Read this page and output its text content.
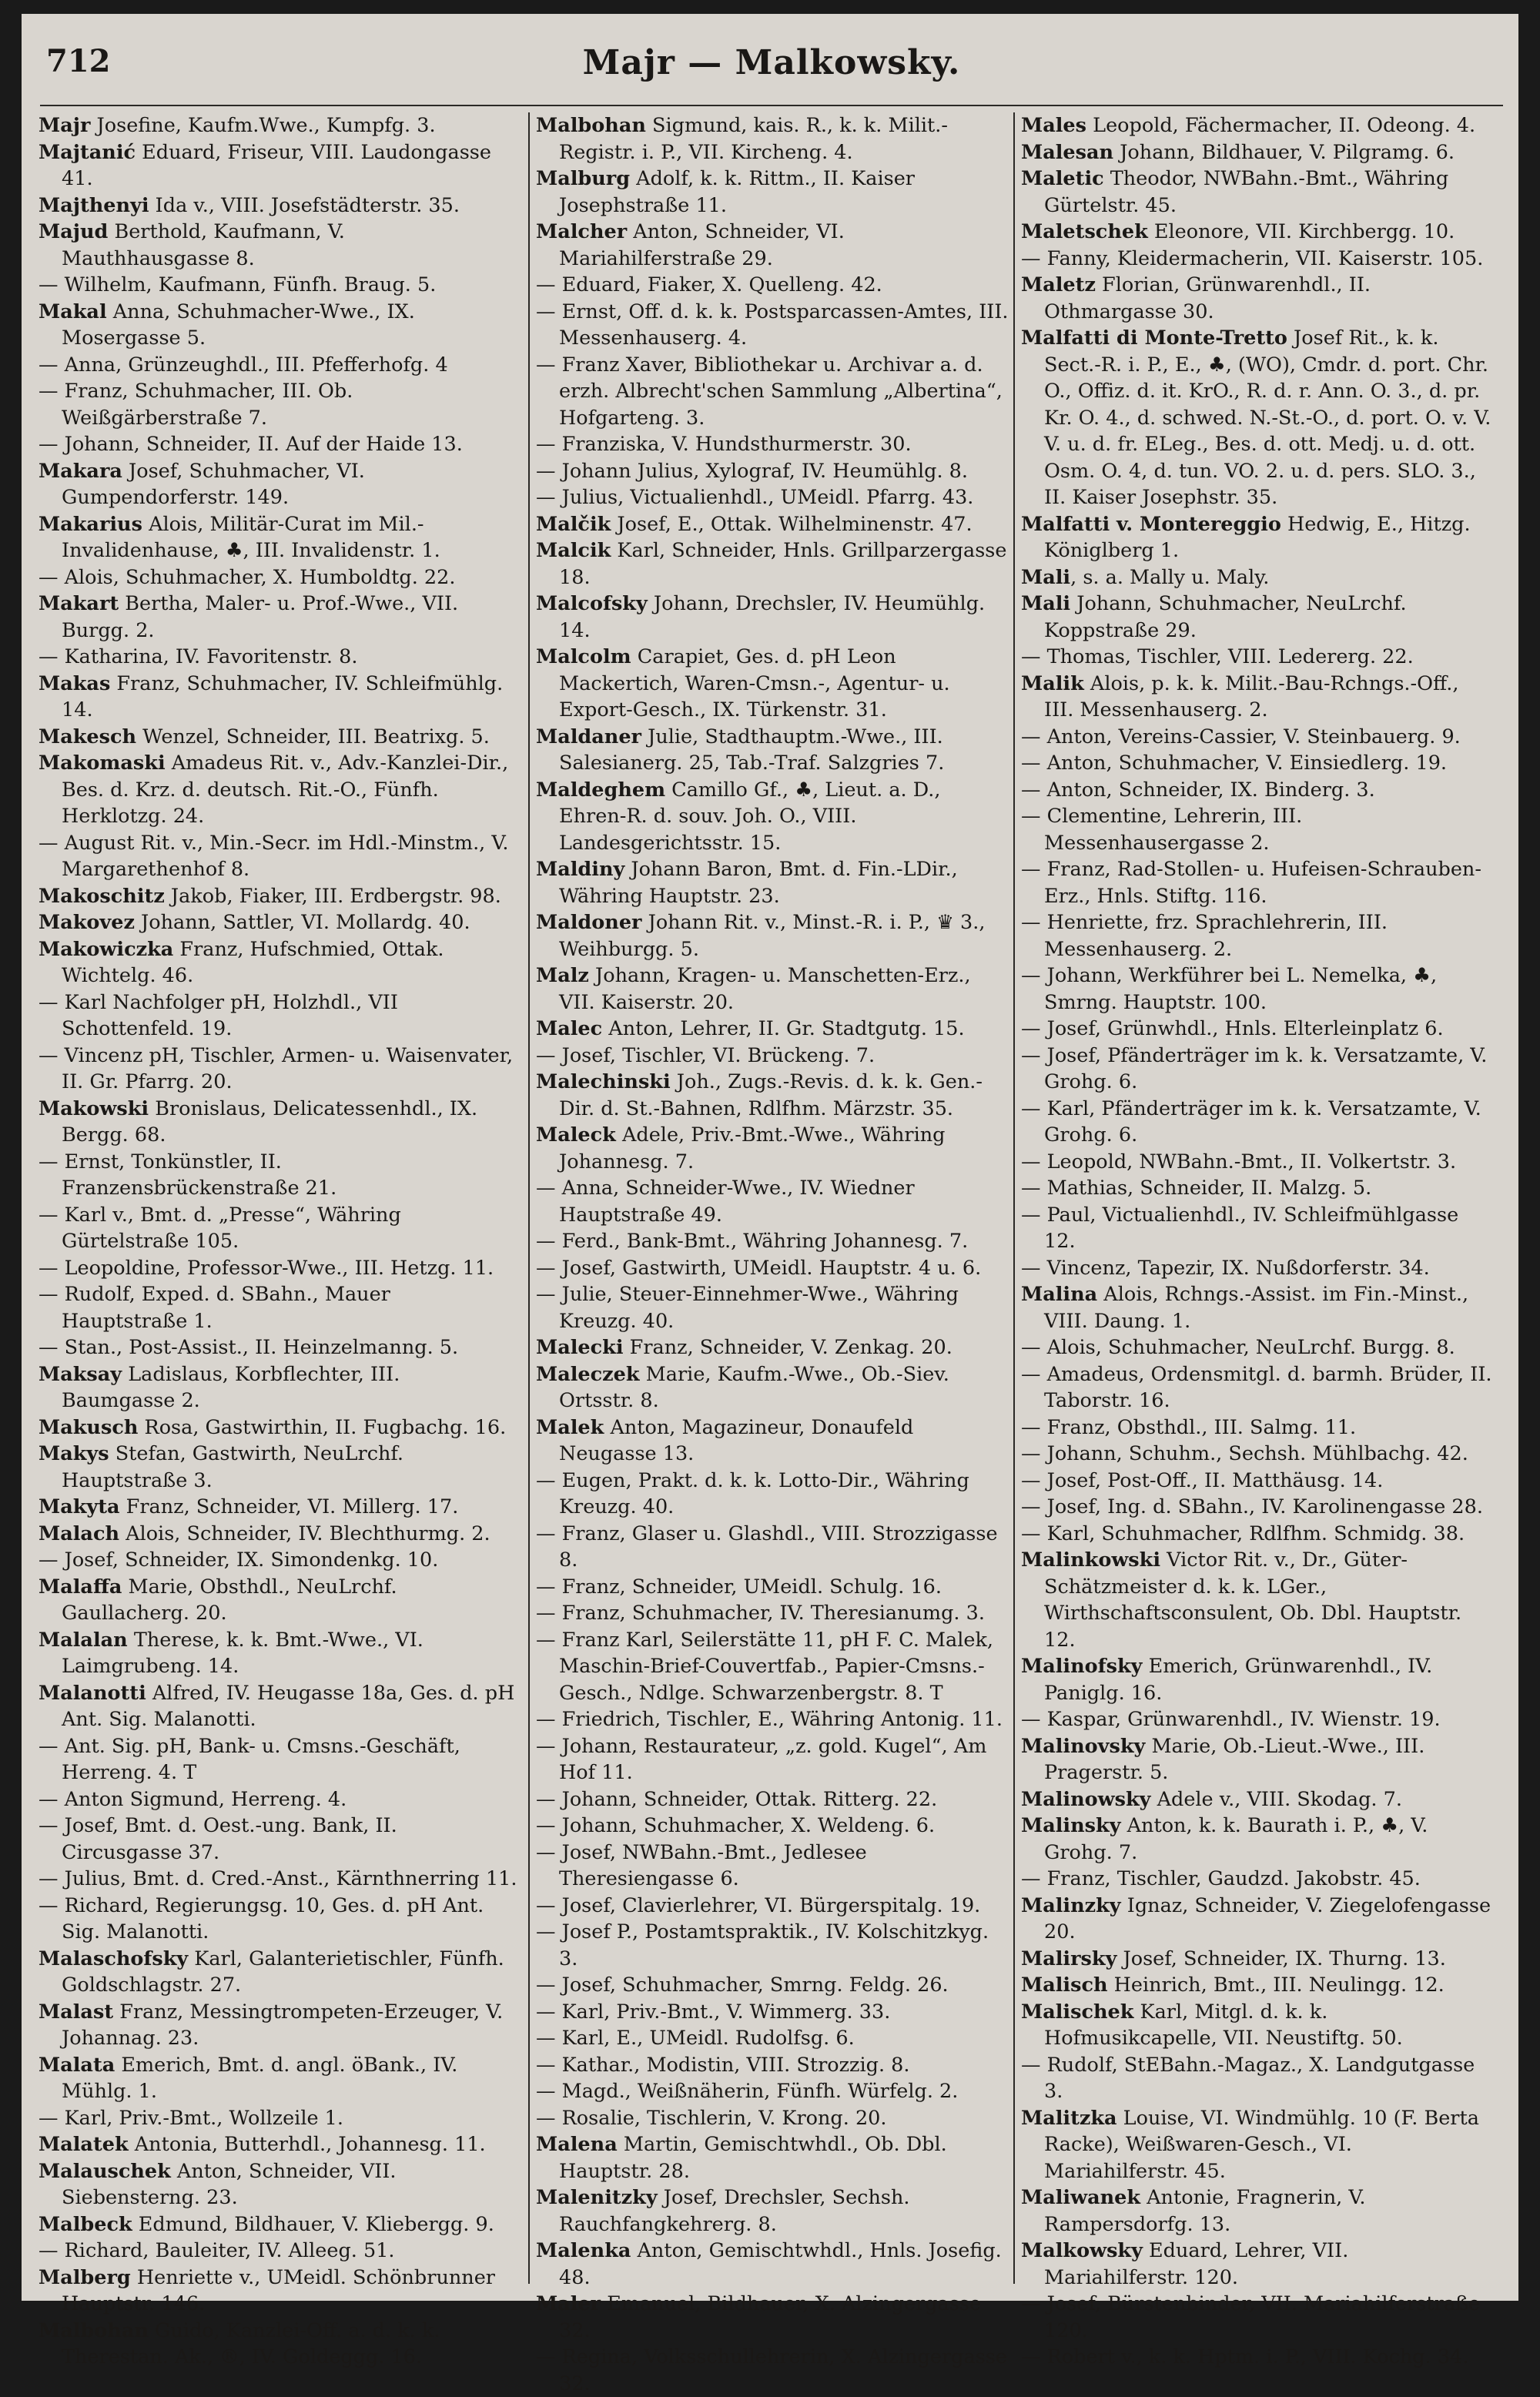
712	Majr — Malkowsky.
Majr Josefine, Kaufm.Wwe., Kumpfg. 3.
Majtanić Eduard, Friseur, VIII. Laudongasse 41.
Majthenyi Ida v., VIII. Josefstädterstr. 35.
Majud Berthold, Kaufmann, V. Mauthhausgasse 8.
— Wilhelm, Kaufmann, Fünfh. Braug. 5.
Makal Anna, Schuhmacher-Wwe., IX. Mosergasse 5.
— Anna, Grünzeughdl., III. Pfefferhofg. 4
— Franz, Schuhmacher, III. Ob. Weißgärberstraße 7.
— Johann, Schneider, II. Auf der Haide 13.
Makara Josef, Schuhmacher, VI. Gumpendorferstr. 149.
Makarius Alois, Militär-Curat im Mil.-Invalidenhause, ♣, III. Invalidenstr. 1.
— Alois, Schuhmacher, X. Humboldtg. 22.
Makart Bertha, Maler- u. Prof.-Wwe., VII. Burgg. 2.
— Katharina, IV. Favoritenstr. 8.
Makas Franz, Schuhmacher, IV. Schleifmühlg. 14.
Makesch Wenzel, Schneider, III. Beatrixg. 5.
Makomaski Amadeus Rit. v., Adv.-Kanzlei-Dir., Bes. d. Krz. d. deutsch. Rit.-O., Fünfh. Herklotzg. 24.
— August Rit. v., Min.-Secr. im Hdl.-Minstm., V. Margarethenhof 8.
Makoschitz Jakob, Fiaker, III. Erdbergstr. 98.
Makovez Johann, Sattler, VI. Mollardg. 40.
Makowiczka Franz, Hufschmied, Ottak. Wichtelg. 46.
— Karl Nachfolger pH, Holzhdl., VII Schottenfeld. 19.
— Vincenz pH, Tischler, Armen- u. Waisenvater, II. Gr. Pfarrg. 20.
Makowski Bronislaus, Delicatessenhdl., IX. Bergg. 68.
— Ernst, Tonkünstler, II. Franzensbrückenstraße 21.
— Karl v., Bmt. d. „Presse“, Währing Gürtelstraße 105.
— Leopoldine, Professor-Wwe., III. Hetzg. 11.
— Rudolf, Exped. d. SBahn., Mauer Hauptstraße 1.
— Stan., Post-Assist., II. Heinzelmanng. 5.
Maksay Ladislaus, Korbflechter, III. Baumgasse 2.
Makusch Rosa, Gastwirthin, II. Fugbachg. 16.
Makys Stefan, Gastwirth, NeuLrchf. Hauptstraße 3.
Makyta Franz, Schneider, VI. Millerg. 17.
Malach Alois, Schneider, IV. Blechthurmg. 2.
— Josef, Schneider, IX. Simondenkg. 10.
Malaffa Marie, Obsthdl., NeuLrchf. Gaullacherg. 20.
Malalan Therese, k. k. Bmt.-Wwe., VI. Laimgrubeng. 14.
Malanotti Alfred, IV. Heugasse 18a, Ges. d. pH Ant. Sig. Malanotti.
— Ant. Sig. pH, Bank- u. Cmsns.-Geschäft, Herreng. 4. T
— Anton Sigmund, Herreng. 4.
— Josef, Bmt. d. Oest.-ung. Bank, II. Circusgasse 37.
— Julius, Bmt. d. Cred.-Anst., Kärnthnerring 11.
— Richard, Regierungsg. 10, Ges. d. pH Ant. Sig. Malanotti.
Malaschofsky Karl, Galanterietischler, Fünfh. Goldschlagstr. 27.
Malast Franz, Messingtrompeten-Erzeuger, V. Johannag. 23.
Malata Emerich, Bmt. d. angl. öBank., IV. Mühlg. 1.
— Karl, Priv.-Bmt., Wollzeile 1.
Malatek Antonia, Butterhdl., Johannesg. 11.
Malauschek Anton, Schneider, VII. Siebensterng. 23.
Malbeck Edmund, Bildhauer, V. Kliebergg. 9.
— Richard, Bauleiter, IV. Alleeg. 51.
Malberg Henriette v., UMeidl. Schönbrunner Hauptstr. 146.
Malbohan Guido, Kanzlei-Off. a. d. k. k. Therestan. Ak., ®, IV. Goldeggg. 16.
Malbohan Sigmund, kais. R., k. k. Milit.-Registr. i. P., VII. Kircheng. 4.
Malburg Adolf, k. k. Rittm., II. Kaiser Josephstraße 11.
Malcher Anton, Schneider, VI. Mariahilferstraße 29.
— Eduard, Fiaker, X. Quelleng. 42.
— Ernst, Off. d. k. k. Postsparcassen-Amtes, III. Messenhauserg. 4.
— Franz Xaver, Bibliothekar u. Archivar a. d. erzh. Albrecht'schen Sammlung „Albertina“, Hofgarteng. 3.
— Franziska, V. Hundsthurmerstr. 30.
— Johann Julius, Xylograf, IV. Heumühlg. 8.
— Julius, Victualienhdl., UMeidl. Pfarrg. 43.
Malčik Josef, E., Ottak. Wilhelminenstr. 47.
Malcik Karl, Schneider, Hnls. Grillparzergasse 18.
Malcofsky Johann, Drechsler, IV. Heumühlg. 14.
Malcolm Carapiet, Ges. d. pH Leon Mackertich, Waren-Cmsn.-, Agentur- u. Export-Gesch., IX. Türkenstr. 31.
Maldaner Julie, Stadthauptm.-Wwe., III. Salesianerg. 25, Tab.-Traf. Salzgries 7.
Maldeghem Camillo Gf., ♣, Lieut. a. D., Ehren-R. d. souv. Joh. O., VIII. Landesgerichtsstr. 15.
Maldiny Johann Baron, Bmt. d. Fin.-LDir., Währing Hauptstr. 23.
Maldoner Johann Rit. v., Minst.-R. i. P., ♛ 3., Weihburgg. 5.
Malz Johann, Kragen- u. Manschetten-Erz., VII. Kaiserstr. 20.
Malec Anton, Lehrer, II. Gr. Stadtgutg. 15.
— Josef, Tischler, VI. Brückeng. 7.
Malechinski Joh., Zugs.-Revis. d. k. k. Gen.-Dir. d. St.-Bahnen, Rdlfhm. Märzstr. 35.
Maleck Adele, Priv.-Bmt.-Wwe., Währing Johannesg. 7.
— Anna, Schneider-Wwe., IV. Wiedner Hauptstraße 49.
— Ferd., Bank-Bmt., Währing Johannesg. 7.
— Josef, Gastwirth, UMeidl. Hauptstr. 4 u. 6.
— Julie, Steuer-Einnehmer-Wwe., Währing Kreuzg. 40.
Malecki Franz, Schneider, V. Zenkag. 20.
Maleczek Marie, Kaufm.-Wwe., Ob.-Siev. Ortsstr. 8.
Malek Anton, Magazineur, Donaufeld Neugasse 13.
— Eugen, Prakt. d. k. k. Lotto-Dir., Währing Kreuzg. 40.
— Franz, Glaser u. Glashdl., VIII. Strozzigasse 8.
— Franz, Schneider, UMeidl. Schulg. 16.
— Franz, Schuhmacher, IV. Theresianumg. 3.
— Franz Karl, Seilerstätte 11, pH F. C. Malek, Maschin-Brief-Couvertfab., Papier-Cmsns.-Gesch., Ndlge. Schwarzenbergstr. 8. T
— Friedrich, Tischler, E., Währing Antonig. 11.
— Johann, Restaurateur, „z. gold. Kugel“, Am Hof 11.
— Johann, Schneider, Ottak. Ritterg. 22.
— Johann, Schuhmacher, X. Weldeng. 6.
— Josef, NWBahn.-Bmt., Jedlesee Theresiengasse 6.
— Josef, Clavierlehrer, VI. Bürgerspitalg. 19.
— Josef P., Postamtspraktik., IV. Kolschitzkyg. 3.
— Josef, Schuhmacher, Smrng. Feldg. 26.
— Karl, Priv.-Bmt., V. Wimmerg. 33.
— Karl, E., UMeidl. Rudolfsg. 6.
— Kathar., Modistin, VIII. Strozzig. 8.
— Magd., Weißnäherin, Fünfh. Würfelg. 2.
— Rosalie, Tischlerin, V. Krong. 20.
Malena Martin, Gemischtwhdl., Ob. Dbl. Hauptstr. 28.
Malenitzky Josef, Drechsler, Sechsh. Rauchfangkehrerg. 8.
Malenka Anton, Gemischtwhdl., Hnls. Josefig. 48.
Maler Emanuel, Bildhauer, X. Alzingergasse 32.
— Regina, Volksschullehrerin, X. Alzingergasse 32.
Males Leopold, Fächermacher, II. Odeong. 4.
Malesan Johann, Bildhauer, V. Pilgramg. 6.
Maletic Theodor, NWBahn.-Bmt., Währing Gürtelstr. 45.
Maletschek Eleonore, VII. Kirchbergg. 10.
— Fanny, Kleidermacherin, VII. Kaiserstr. 105.
Maletz Florian, Grünwarenhdl., II. Othmargasse 30.
Malfatti di Monte-Tretto Josef Rit., k. k. Sect.-R. i. P., E., ♣, (WO), Cmdr. d. port. Chr. O., Offiz. d. it. KrO., R. d. r. Ann. O. 3., d. pr. Kr. O. 4., d. schwed. N.-St.-O., d. port. O. v. V. V. u. d. fr. ELeg., Bes. d. ott. Medj. u. d. ott. Osm. O. 4, d. tun. VO. 2. u. d. pers. SLO. 3., II. Kaiser Josephstr. 35.
Malfatti v. Montereggio Hedwig, E., Hitzg. Königlberg 1.
Mali, s. a. Mally u. Maly.
Mali Johann, Schuhmacher, NeuLrchf. Koppstraße 29.
— Thomas, Tischler, VIII. Ledererg. 22.
Malik Alois, p. k. k. Milit.-Bau-Rchngs.-Off., III. Messenhauserg. 2.
— Anton, Vereins-Cassier, V. Steinbauerg. 9.
— Anton, Schuhmacher, V. Einsiedlerg. 19.
— Anton, Schneider, IX. Binderg. 3.
— Clementine, Lehrerin, III. Messenhausergasse 2.
— Franz, Rad-Stollen- u. Hufeisen-Schrauben-Erz., Hnls. Stiftg. 116.
— Henriette, frz. Sprachlehrerin, III. Messenhauserg. 2.
— Johann, Werkführer bei L. Nemelka, ♣, Smrng. Hauptstr. 100.
— Josef, Grünwhdl., Hnls. Elterleinplatz 6.
— Josef, Pfänderträger im k. k. Versatzamte, V. Grohg. 6.
— Karl, Pfänderträger im k. k. Versatzamte, V. Grohg. 6.
— Leopold, NWBahn.-Bmt., II. Volkertstr. 3.
— Mathias, Schneider, II. Malzg. 5.
— Paul, Victualienhdl., IV. Schleifmühlgasse 12.
— Vincenz, Tapezir, IX. Nußdorferstr. 34.
Malina Alois, Rchngs.-Assist. im Fin.-Minst., VIII. Daung. 1.
— Alois, Schuhmacher, NeuLrchf. Burgg. 8.
— Amadeus, Ordensmitgl. d. barmh. Brüder, II. Taborstr. 16.
— Franz, Obsthdl., III. Salmg. 11.
— Johann, Schuhm., Sechsh. Mühlbachg. 42.
— Josef, Post-Off., II. Matthäusg. 14.
— Josef, Ing. d. SBahn., IV. Karolinengasse 28.
— Karl, Schuhmacher, Rdlfhm. Schmidg. 38.
Malinkowski Victor Rit. v., Dr., Güter-Schätzmeister d. k. k. LGer., Wirthschaftsconsulent, Ob. Dbl. Hauptstr. 12.
Malinofsky Emerich, Grünwarenhdl., IV. Paniglg. 16.
— Kaspar, Grünwarenhdl., IV. Wienstr. 19.
Malinovsky Marie, Ob.-Lieut.-Wwe., III. Pragerstr. 5.
Malinowsky Adele v., VIII. Skodag. 7.
Malinsky Anton, k. k. Baurath i. P., ♣, V. Grohg. 7.
— Franz, Tischler, Gaudzd. Jakobstr. 45.
Malinzky Ignaz, Schneider, V. Ziegelofengasse 20.
Malirsky Josef, Schneider, IX. Thurng. 13.
Malisch Heinrich, Bmt., III. Neulingg. 12.
Malischek Karl, Mitgl. d. k. k. Hofmusikcapelle, VII. Neustiftg. 50.
— Rudolf, StEBahn.-Magaz., X. Landgutgasse 3.
Malitzka Louise, VI. Windmühlg. 10 (F. Berta Racke), Weißwaren-Gesch., VI. Mariahilferstr. 45.
Maliwanek Antonie, Fragnerin, V. Rampersdorfg. 13.
Malkowsky Eduard, Lehrer, VII. Mariahilferstr. 120.
— Josef, Bürstenbinder, VII. Mariahilferstraße 120.
— Robert v., k. k. Hptm. i. P., VIII. Kochg. 34.
